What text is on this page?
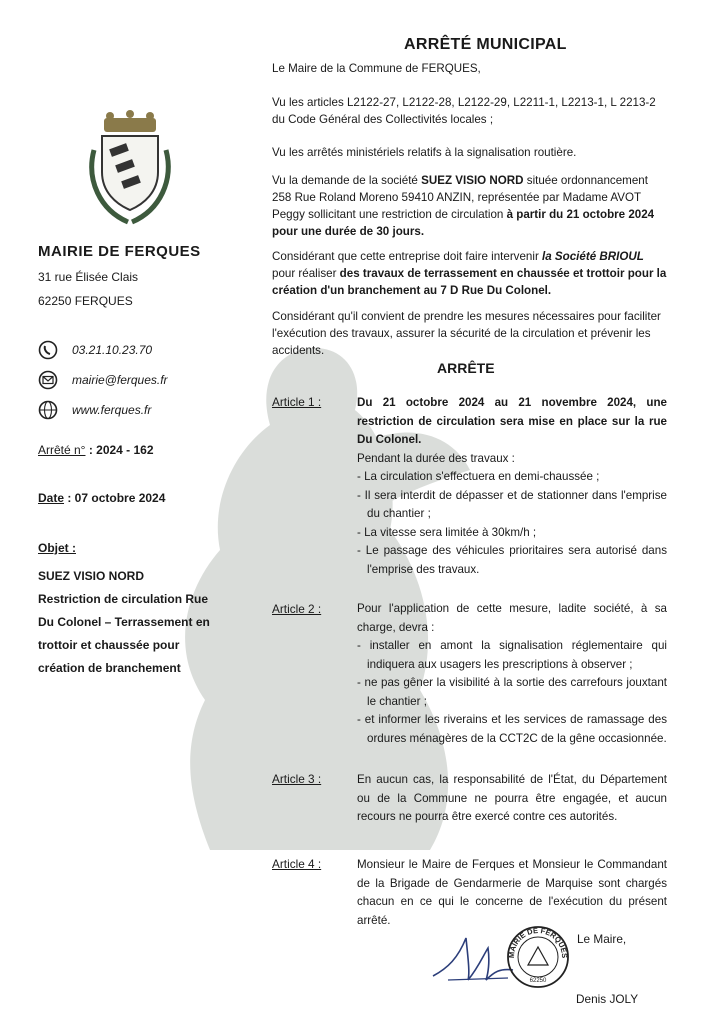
MAIRIE DE FERQUES
31 rue Élisée Clais
62250 FERQUES
03.21.10.23.70
mairie@ferques.fr
www.ferques.fr
Arrêté n° : 2024 - 162
Date : 07 octobre 2024
Objet :
SUEZ VISIO NORD
Restriction de circulation Rue
Du Colonel – Terrassement en
trottoir et chaussée pour
création de branchement
ARRÊTÉ MUNICIPAL
Le Maire de la Commune de FERQUES,
Vu les articles L2122-27, L2122-28, L2122-29, L2211-1, L2213-1, L 2213-2 du Code Général des Collectivités locales ;
Vu les arrêtés ministériels relatifs à la signalisation routière.
Vu la demande de la société SUEZ VISIO NORD située ordonnancement 258 Rue Roland Moreno 59410 ANZIN, représentée par Madame AVOT Peggy sollicitant une restriction de circulation à partir du 21 octobre 2024 pour une durée de 30 jours.
Considérant que cette entreprise doit faire intervenir la Société BRIOUL pour réaliser des travaux de terrassement en chaussée et trottoir pour la création d'un branchement au 7 D Rue Du Colonel.
Considérant qu'il convient de prendre les mesures nécessaires pour faciliter l'exécution des travaux, assurer la sécurité de la circulation et prévenir les accidents.
ARRÊTE
Article 1 :	Du 21 octobre 2024 au 21 novembre 2024, une restriction de circulation sera mise en place sur la rue Du Colonel.
Pendant la durée des travaux :
- La circulation s'effectuera en demi-chaussée ;
- Il sera interdit de dépasser et de stationner dans l'emprise du chantier ;
- La vitesse sera limitée à 30km/h ;
- Le passage des véhicules prioritaires sera autorisé dans l'emprise des travaux.
Article 2 :	Pour l'application de cette mesure, ladite société, à sa charge, devra :
- installer en amont la signalisation réglementaire qui indiquera aux usagers les prescriptions à observer ;
- ne pas gêner la visibilité à la sortie des carrefours jouxtant le chantier ;
- et informer les riverains et les services de ramassage des ordures ménagères de la CCT2C de la gêne occasionnée.
Article 3 :	En aucun cas, la responsabilité de l'État, du Département ou de la Commune ne pourra être engagée, et aucun recours ne pourra être exercé contre ces autorités.
Article 4 :	Monsieur le Maire de Ferques et Monsieur le Commandant de la Brigade de Gendarmerie de Marquise sont chargés chacun en ce qui le concerne de l'exécution du présent arrêté.
MAIRIE DE FERQUES
62250
Le Maire,
Denis JOLY
